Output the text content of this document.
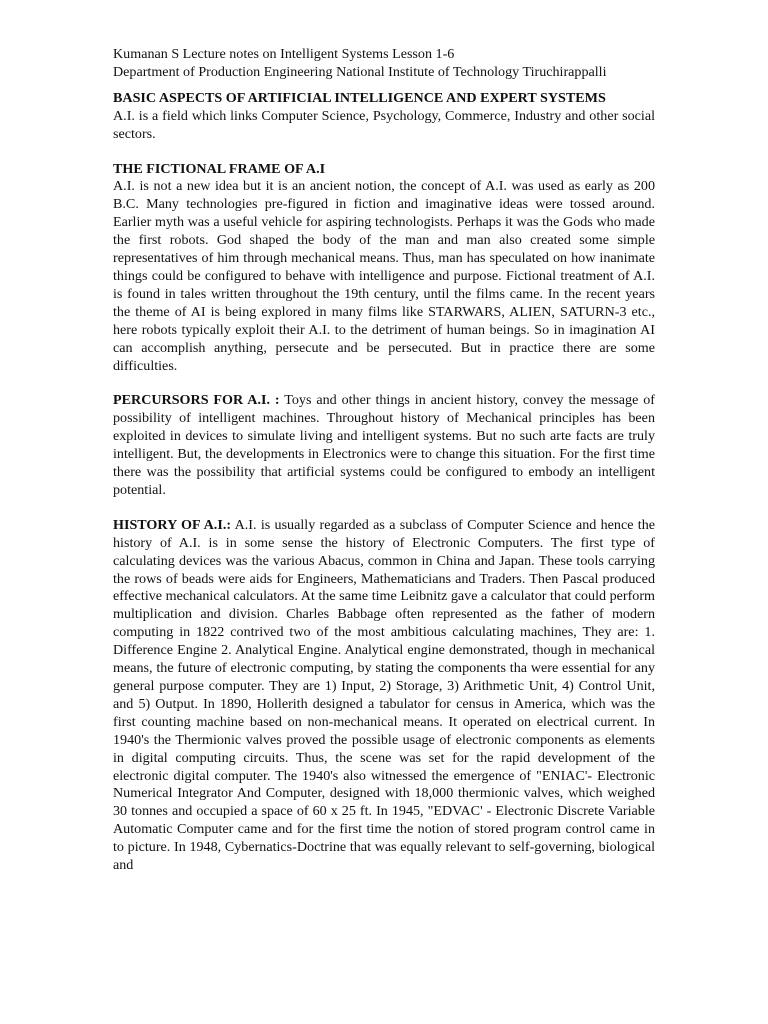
Kumanan S Lecture notes on Intelligent Systems Lesson 1-6
Department of Production Engineering National Institute of Technology Tiruchirappalli
BASIC ASPECTS OF ARTIFICIAL INTELLIGENCE AND EXPERT SYSTEMS

A.I. is a field which links Computer Science, Psychology, Commerce, Industry and other social sectors.

THE FICTIONAL FRAME OF A.I

A.I. is not a new idea but it is an ancient notion, the concept of A.I. was used as early as 200 B.C. Many technologies pre-figured in fiction and imaginative ideas were tossed around. Earlier myth was a useful vehicle for aspiring technologists. Perhaps it was the Gods who made the first robots. God shaped the body of the man and man also created some simple representatives of him through mechanical means. Thus, man has speculated on how inanimate things could be configured to behave with intelligence and purpose. Fictional treatment of A.I. is found in tales written throughout the 19th century, until the films came. In the recent years the theme of AI is being explored in many films like STARWARS, ALIEN, SATURN-3 etc., here robots typically exploit their A.I. to the detriment of human beings. So in imagination AI can accomplish anything, persecute and be persecuted. But in practice there are some difficulties.

PERCURSORS FOR A.I. : Toys and other things in ancient history, convey the message of possibility of intelligent machines. Throughout history of Mechanical principles has been exploited in devices to simulate living and intelligent systems. But no such arte facts are truly intelligent. But, the developments in Electronics were to change this situation. For the first time there was the possibility that artificial systems could be configured to embody an intelligent potential.

HISTORY OF A.I.: A.I. is usually regarded as a subclass of Computer Science and hence the history of A.I. is in some sense the history of Electronic Computers. The first type of calculating devices was the various Abacus, common in China and Japan. These tools carrying the rows of beads were aids for Engineers, Mathematicians and Traders. Then Pascal produced effective mechanical calculators. At the same time Leibnitz gave a calculator that could perform multiplication and division. Charles Babbage often represented as the father of modern computing in 1822 contrived two of the most ambitious calculating machines, They are: 1. Difference Engine 2. Analytical Engine. Analytical engine demonstrated, though in mechanical means, the future of electronic computing, by stating the components tha were essential for any general purpose computer. They are 1) Input, 2) Storage, 3) Arithmetic Unit, 4) Control Unit, and 5) Output. In 1890, Hollerith designed a tabulator for census in America, which was the first counting machine based on non-mechanical means. It operated on electrical current. In 1940's the Thermionic valves proved the possible usage of electronic components as elements in digital computing circuits. Thus, the scene was set for the rapid development of the electronic digital computer. The 1940's also witnessed the emergence of "ENIAC'- Electronic Numerical Integrator And Computer, designed with 18,000 thermionic valves, which weighed 30 tonnes and occupied a space of 60 x 25 ft. In 1945, "EDVAC' - Electronic Discrete Variable Automatic Computer came and for the first time the notion of stored program control came in to picture. In 1948, Cybernatics-Doctrine that was equally relevant to self-governing, biological and
